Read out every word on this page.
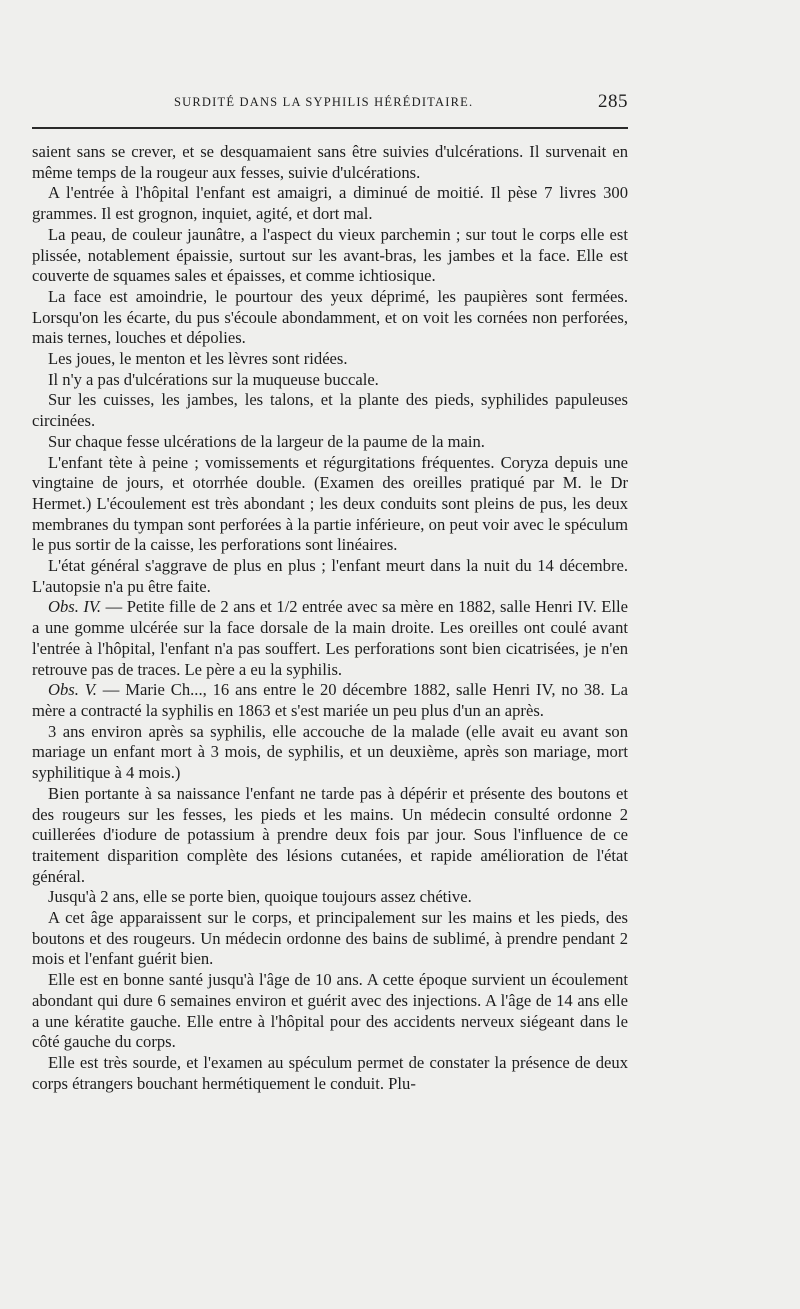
SURDITÉ DANS LA SYPHILIS HÉRÉDITAIRE.	285

saient sans se crever, et se desquamaient sans être suivies d'ulcérations. Il survenait en même temps de la rougeur aux fesses, suivie d'ulcérations.

A l'entrée à l'hôpital l'enfant est amaigri, a diminué de moitié. Il pèse 7 livres 300 grammes. Il est grognon, inquiet, agité, et dort mal.

La peau, de couleur jaunâtre, a l'aspect du vieux parchemin ; sur tout le corps elle est plissée, notablement épaissie, surtout sur les avant-bras, les jambes et la face. Elle est couverte de squames sales et épaisses, et comme ichtiosique.

La face est amoindrie, le pourtour des yeux déprimé, les paupières sont fermées. Lorsqu'on les écarte, du pus s'écoule abondamment, et on voit les cornées non perforées, mais ternes, louches et dépolies.

Les joues, le menton et les lèvres sont ridées.

Il n'y a pas d'ulcérations sur la muqueuse buccale.

Sur les cuisses, les jambes, les talons, et la plante des pieds, syphilides papuleuses circinées.

Sur chaque fesse ulcérations de la largeur de la paume de la main.

L'enfant tète à peine ; vomissements et régurgitations fréquentes. Coryza depuis une vingtaine de jours, et otorrhée double. (Examen des oreilles pratiqué par M. le Dr Hermet.) L'écoulement est très abondant ; les deux conduits sont pleins de pus, les deux membranes du tympan sont perforées à la partie inférieure, on peut voir avec le spéculum le pus sortir de la caisse, les perforations sont linéaires.

L'état général s'aggrave de plus en plus ; l'enfant meurt dans la nuit du 14 décembre. L'autopsie n'a pu être faite.

Obs. IV. — Petite fille de 2 ans et 1/2 entrée avec sa mère en 1882, salle Henri IV. Elle a une gomme ulcérée sur la face dorsale de la main droite. Les oreilles ont coulé avant l'entrée à l'hôpital, l'enfant n'a pas souffert. Les perforations sont bien cicatrisées, je n'en retrouve pas de traces. Le père a eu la syphilis.

Obs. V. — Marie Ch..., 16 ans entre le 20 décembre 1882, salle Henri IV, no 38. La mère a contracté la syphilis en 1863 et s'est mariée un peu plus d'un an après.

3 ans environ après sa syphilis, elle accouche de la malade (elle avait eu avant son mariage un enfant mort à 3 mois, de syphilis, et un deuxième, après son mariage, mort syphilitique à 4 mois.)

Bien portante à sa naissance l'enfant ne tarde pas à dépérir et présente des boutons et des rougeurs sur les fesses, les pieds et les mains. Un médecin consulté ordonne 2 cuillerées d'iodure de potassium à prendre deux fois par jour. Sous l'influence de ce traitement disparition complète des lésions cutanées, et rapide amélioration de l'état général.

Jusqu'à 2 ans, elle se porte bien, quoique toujours assez chétive.

A cet âge apparaissent sur le corps, et principalement sur les mains et les pieds, des boutons et des rougeurs. Un médecin ordonne des bains de sublimé, à prendre pendant 2 mois et l'enfant guérit bien.

Elle est en bonne santé jusqu'à l'âge de 10 ans. A cette époque survient un écoulement abondant qui dure 6 semaines environ et guérit avec des injections. A l'âge de 14 ans elle a une kératite gauche. Elle entre à l'hôpital pour des accidents nerveux siégeant dans le côté gauche du corps.

Elle est très sourde, et l'examen au spéculum permet de constater la présence de deux corps étrangers bouchant hermétiquement le conduit. Plu-
